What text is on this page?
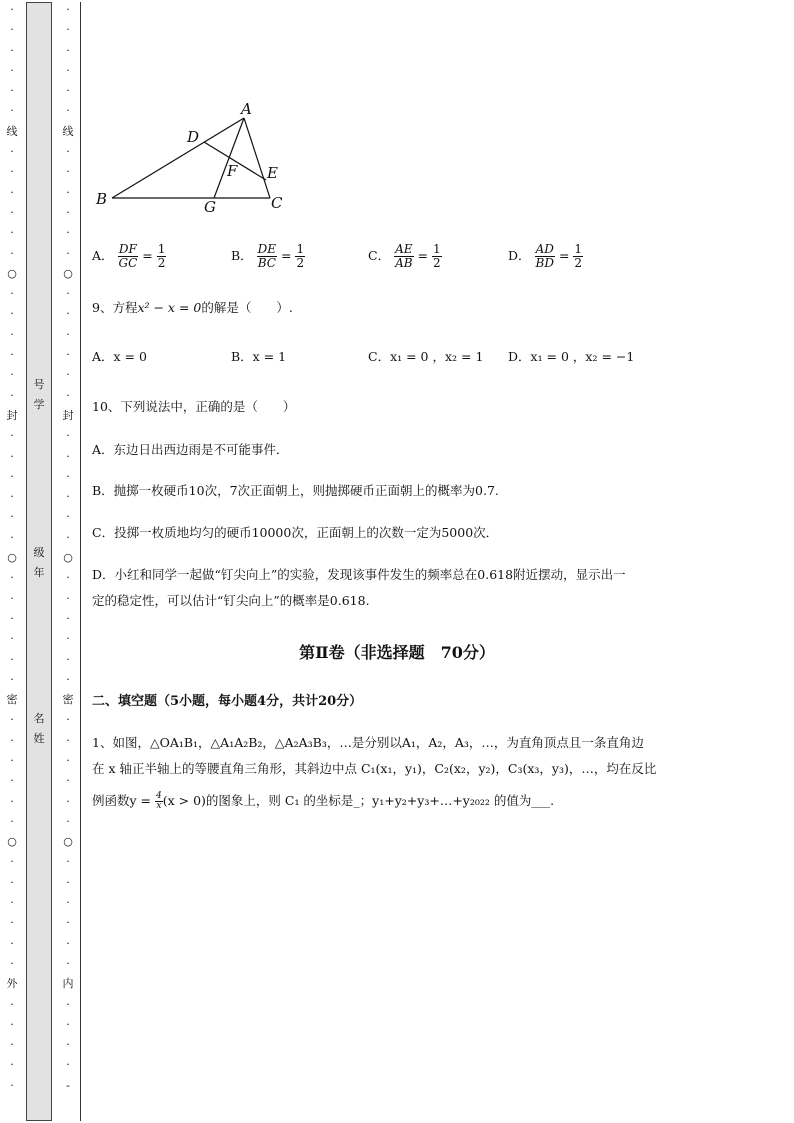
·
·
·
·
·
·
线
·
·
·
·
·
·
○
·
·
·
·
·
·
封
·
·
·
·
·
·
○
·
·
·
·
·
·
密
·
·
·
·
·
·
○
·
·
·
·
·
·
外
·
·
·
·
·
号
学
级
年
名
姓
·
·
·
·
·
·
线
·
·
·
·
·
·
○
·
·
·
·
·
·
封
·
·
·
·
·
·
○
·
·
·
·
·
·
密
·
·
·
·
·
·
○
·
·
·
·
·
·
内
·
·
·
·
-
A
B	C
D
E
F
G
A． $\frac{DF}{GC} = \frac{1}{2}$	B． $\frac{DE}{BC} = \frac{1}{2}$	C． $\frac{AE}{AB} = \frac{1}{2}$	D． $\frac{AD}{BD} = \frac{1}{2}$
9、方程x² − x = 0的解是（　　）.
A．x = 0	B．x = 1	C．x₁ = 0 ，x₂ = 1 D．x₁ = 0 ，x₂ = −1
10、下列说法中，正确的是（　　）
A．东边日出西边雨是不可能事件．
B．抛掷一枚硬币10次，7次正面朝上，则抛掷硬币正面朝上的概率为0.7.
C．投掷一枚质地均匀的硬币10000次，正面朝上的次数一定为5000次．
D．小红和同学一起做“钉尖向上”的实验，发现该事件发生的频率总在0.618附近摆动，显示出一
定的稳定性，可以估计“钉尖向上”的概率是0.618.
第Ⅱ卷（非选择题　70分）
二、填空题（5小题，每小题4分，共计20分）
1、如图，△OA₁B₁，△A₁A₂B₂，△A₂A₃B₃，…是分别以A₁，A₂，A₃，…，为直角顶点且一条直角边
在 x 轴正半轴上的等腰直角三角形，其斜边中点 C₁(x₁，y₁)，C₂(x₂，y₂)，C₃(x₃，y₃)，…，均在反比
例函数$y = \frac{4}{x} (x > 0)$的图象上，则 C₁ 的坐标是_；y₁+y₂+y₃+…+y₂₀₂₂ 的值为___.
